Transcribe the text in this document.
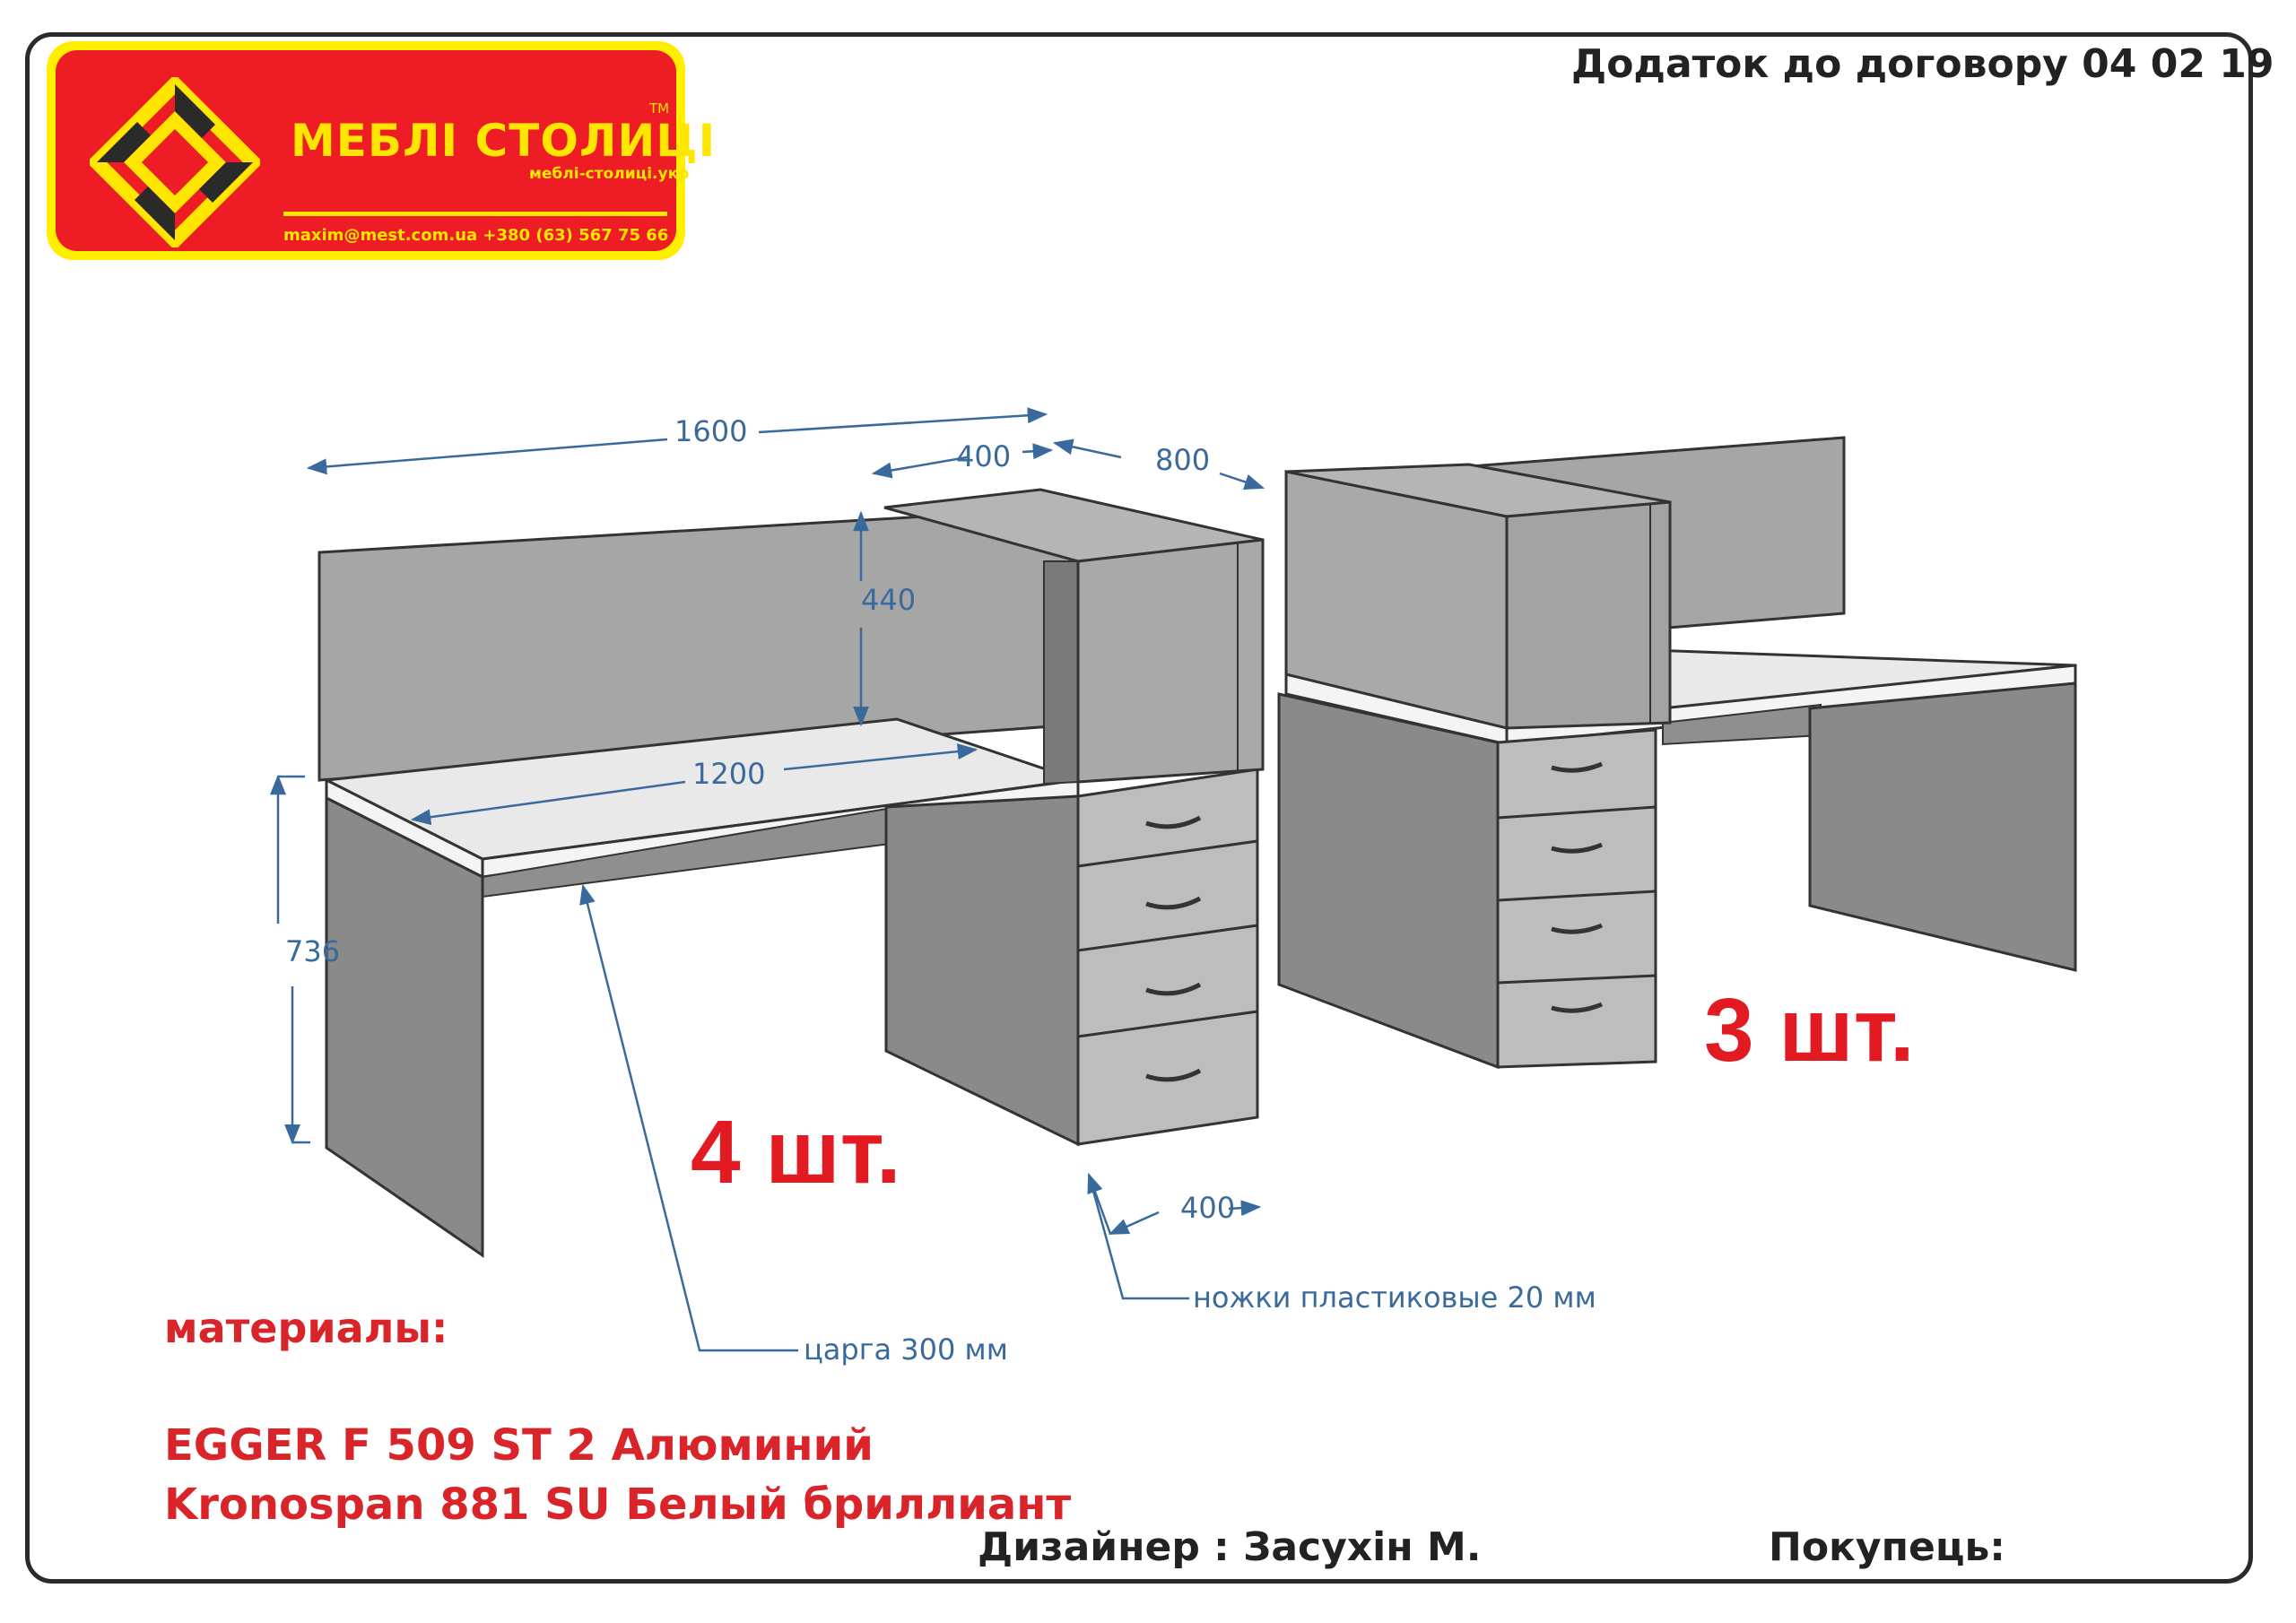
МЕБЛІ СТОЛИЦІ
TM
меблі-столиці.укр
maxim@mest.com.ua +380 (63) 567 75 66
Додаток до договору 04 02 19
1600
400	800
440
1200
736
400
ножки пластиковые 20 мм
царга 300 мм
4 шт.
3 шт.
материалы:
EGGER F 509 ST 2 Алюминий
Kronospan 881 SU Белый бриллиант
Дизайнер : Засухін М.	Покупець:
